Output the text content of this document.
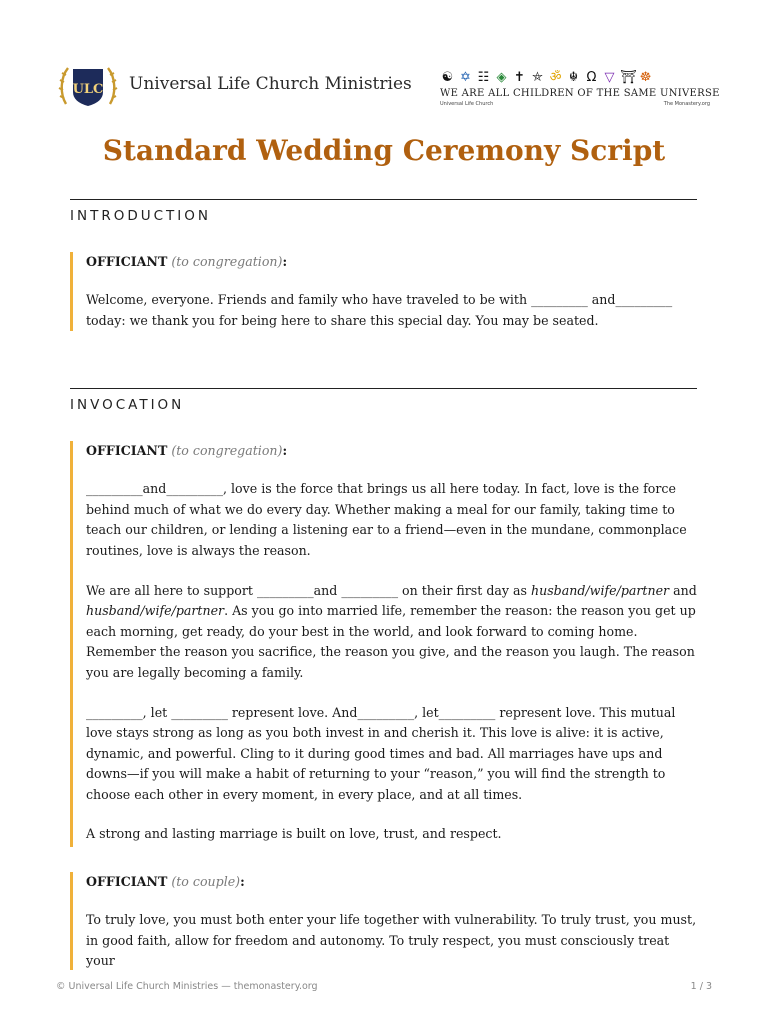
ULC Universal Life Church Ministries ☯ ✡ ☷ ◈ ✝ ⛤ ॐ ☬ Ω ▽ ⛩ ☸
WE ARE ALL CHILDREN OF THE SAME UNIVERSE
Universal Life Church	The Monastery.org
Standard Wedding Ceremony Script
INTRODUCTION

OFFICIANT (to congregation):

Welcome, everyone. Friends and family who have traveled to be with _________ and_________ today: we thank you for being here to share this special day. You may be seated.

INVOCATION

OFFICIANT (to congregation):

_________and_________, love is the force that brings us all here today. In fact, love is the force behind much of what we do every day. Whether making a meal for our family, taking time to teach our children, or lending a listening ear to a friend—even in the mundane, commonplace routines, love is always the reason.

We are all here to support _________and _________ on their first day as husband/wife/partner and husband/wife/partner. As you go into married life, remember the reason: the reason you get up each morning, get ready, do your best in the world, and look forward to coming home. Remember the reason you sacrifice, the reason you give, and the reason you laugh. The reason you are legally becoming a family.

_________, let _________ represent love. And_________, let_________ represent love. This mutual love stays strong as long as you both invest in and cherish it. This love is alive: it is active, dynamic, and powerful. Cling to it during good times and bad. All marriages have ups and downs—if you will make a habit of returning to your “reason,” you will find the strength to choose each other in every moment, in every place, and at all times.

A strong and lasting marriage is built on love, trust, and respect.

OFFICIANT (to couple):

To truly love, you must both enter your life together with vulnerability. To truly trust, you must, in good faith, allow for freedom and autonomy. To truly respect, you must consciously treat your

© Universal Life Church Ministries — themonastery.org	1 / 3
